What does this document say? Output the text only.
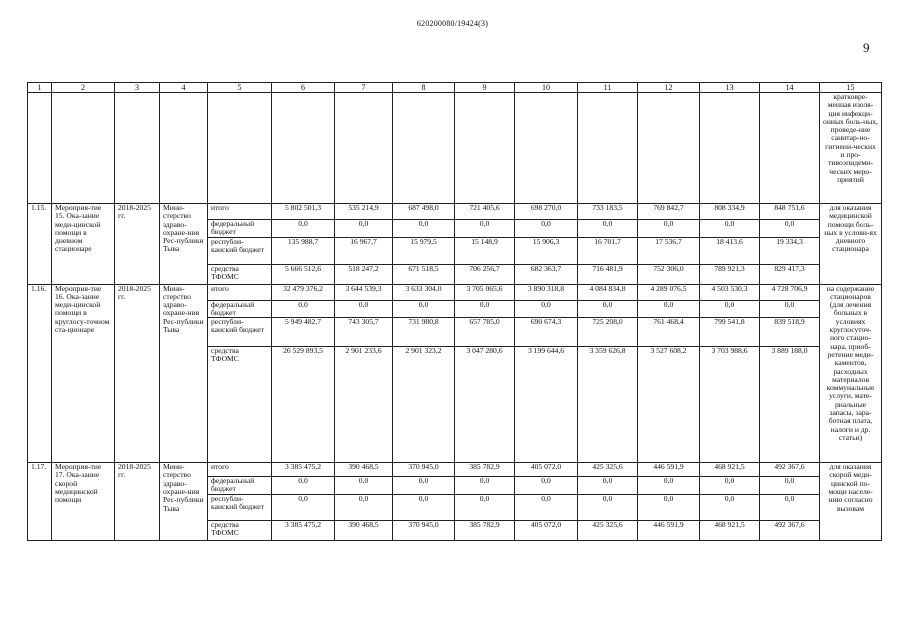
620200080/19424(3)
9
1	2	3	4	5	6	7	8	9	10	11	12	13	14	15
														кратковре-менная изоля-ция инфекци-онных боль-ных, проведе-ние санитар-но-гигиени-ческих и про-тивоэпидеми-ческих меро-приятий
1.15.	Мероприя-тие 15. Ока-зание меди-цинской помощи в дневном стационаре	2018-2025 гг.	Мини-стерство здраво-охране-ния Рес-публики Тыва	итого	5 802 501,3	535 214,9	687 498,0	721 405,6	698 270,0	733 183,5	769 842,7	808 334,9	848 751,6	для оказания медицинской помощи боль-ных в услови-ях дневного стационара
				федеральный бюджет	0,0	0,0	0,0	0,0	0,0	0,0	0,0	0,0	0,0	
				республи-канский бюджет	135 988,7	16 967,7	15 979,5	15 148,9	15 906,3	16 701,7	17 536,7	18 413,6	19 334,3	
				средства ТФОМС	5 666 512,6	518 247,2	671 518,5	706 256,7	682 363,7	716 481,9	752 306,0	789 921,3	829 417,3	
1.16.	Мероприя-тие 16. Ока-зание меди-цинской помощи в круглосу-точном ста-ционаре	2018-2025 гг.	Мини-стерство здраво-охране-ния Рес-публики Тыва	итого	32 479 376,2	3 644 539,3	3 633 304,0	3 705 065,6	3 890 318,8	4 084 834,8	4 289 076,5	4 503 530,3	4 728 706,9	на содержание стационаров (для лечения больных в условиях круглосуточ-ного стацио-нара, приоб-ретение меди-каментов, расходных материалов коммунальные услуги, мате-риальные запасы, зара-ботная плата, налоги и др. статьи)
				федеральный бюджет	0,0	0,0	0,0	0,0	0,0	0,0	0,0	0,0	0,0	
				республи-канский бюджет	5 949 482,7	743 305,7	731 980,8	657 785,0	690 674,3	725 208,0	761 468,4	799 541,8	839 518,9	
				средства ТФОМС	26 529 893,5	2 901 233,6	2 901 323,2	3 047 280,6	3 199 644,6	3 359 626,8	3 527 608,2	3 703 988,6	3 889 188,0	
1.17.	Мероприя-тие 17. Ока-зание скорой медицинской помощи	2018-2025 гг.	Мини-стерство здраво-охране-ния Рес-публики Тыва	итого	3 385 475,2	390 468,5	370 945,0	385 782,9	405 072,0	425 325,6	446 591,9	468 921,5	492 367,6	для оказания скорой меди-цинской по-мощи населе-нию согласно вызовам
				федеральный бюджет	0,0	0,0	0,0	0,0	0,0	0,0	0,0	0,0	0,0	
				республи-канский бюджет	0,0	0,0	0,0	0,0	0,0	0,0	0,0	0,0	0,0	
				средства ТФОМС	3 385 475,2	390 468,5	370 945,0	385 782,9	405 072,0	425 325,6	446 591,9	468 921,5	492 367,6	
